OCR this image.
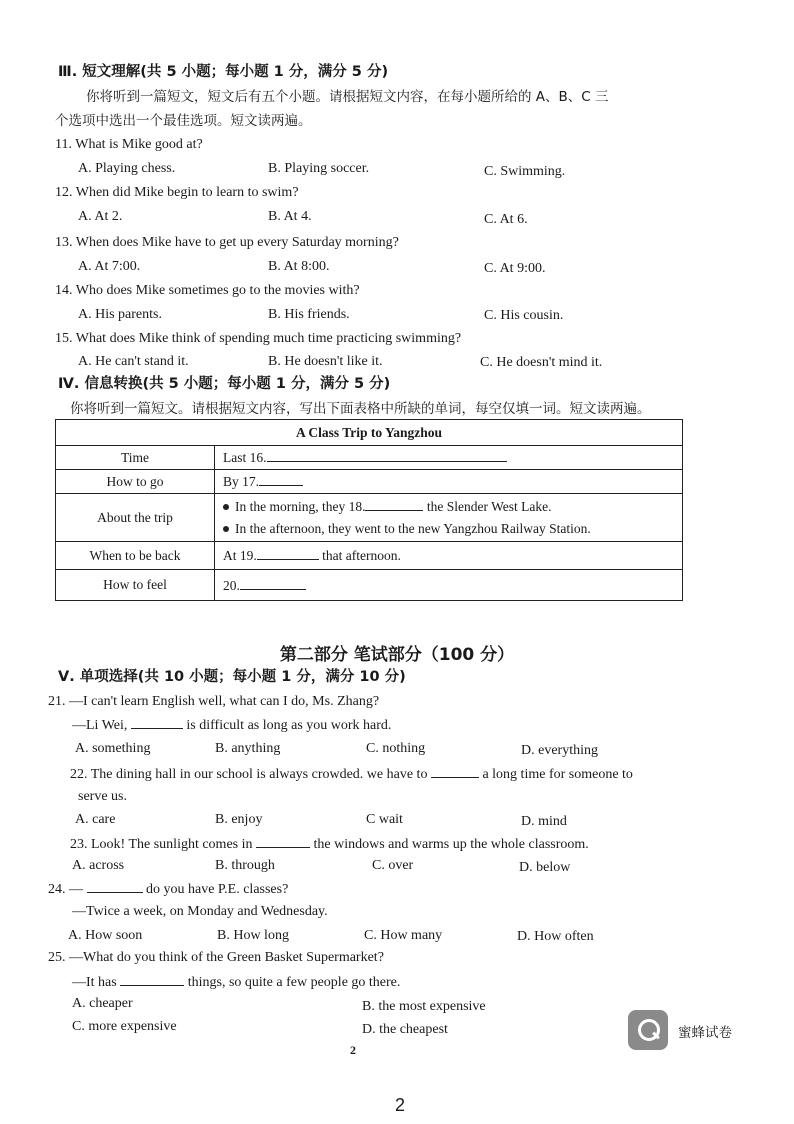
Ⅲ. 短文理解(共 5 小题；每小题 1 分，满分 5 分)
你将听到一篇短文，短文后有五个小题。请根据短文内容，在每小题所给的 A、B、C 三
个选项中选出一个最佳选项。短文读两遍。
11. What is Mike good at?
A. Playing chess.	B. Playing soccer.	C. Swimming.
12. When did Mike begin to learn to swim?
A. At 2.	B. At 4.	C. At 6.
13. When does Mike have to get up every Saturday morning?
A. At 7:00.	B. At 8:00.	C. At 9:00.
14. Who does Mike sometimes go to the movies with?
A. His parents.	B. His friends.	C. His cousin.
15. What does Mike think of spending much time practicing swimming?
A. He can't stand it.	B. He doesn't like it.	C. He doesn't mind it.
Ⅳ. 信息转换(共 5 小题；每小题 1 分，满分 5 分)
你将听到一篇短文。请根据短文内容，写出下面表格中所缺的单词，每空仅填一词。短文读两遍。
A Class Trip to Yangzhou	
Time	Last 16.
How to go	By 17.
About the trip	In the morning, they 18. the Slender West Lake.
In the afternoon, they went to the new Yangzhou Railway Station.

When to be back	At 19. that afternoon.
How to feel	20.
第二部分 笔试部分（100 分）
Ⅴ. 单项选择(共 10 小题；每小题 1 分，满分 10 分)
21. —I can't learn English well, what can I do, Ms. Zhang?
—Li Wei,	is difficult as long as you work hard.
A. something	B. anything	C. nothing	D. everything
22. The dining hall in our school is always crowded. we have to	a long time for someone to
serve us.
A. care	B. enjoy	C wait	D. mind
23. Look! The sunlight comes in	the windows and warms up the whole classroom.
A. across	B. through	C. over	D. below
24. —	do you have P.E. classes?
—Twice a week, on Monday and Wednesday.
A. How soon	B. How long	C. How many	D. How often
25. —What do you think of the Green Basket Supermarket?
—It has	things, so quite a few people go there.
A. cheaper	B. the most expensive
C. more expensive	D. the cheapest	蜜蜂试卷
2
2
